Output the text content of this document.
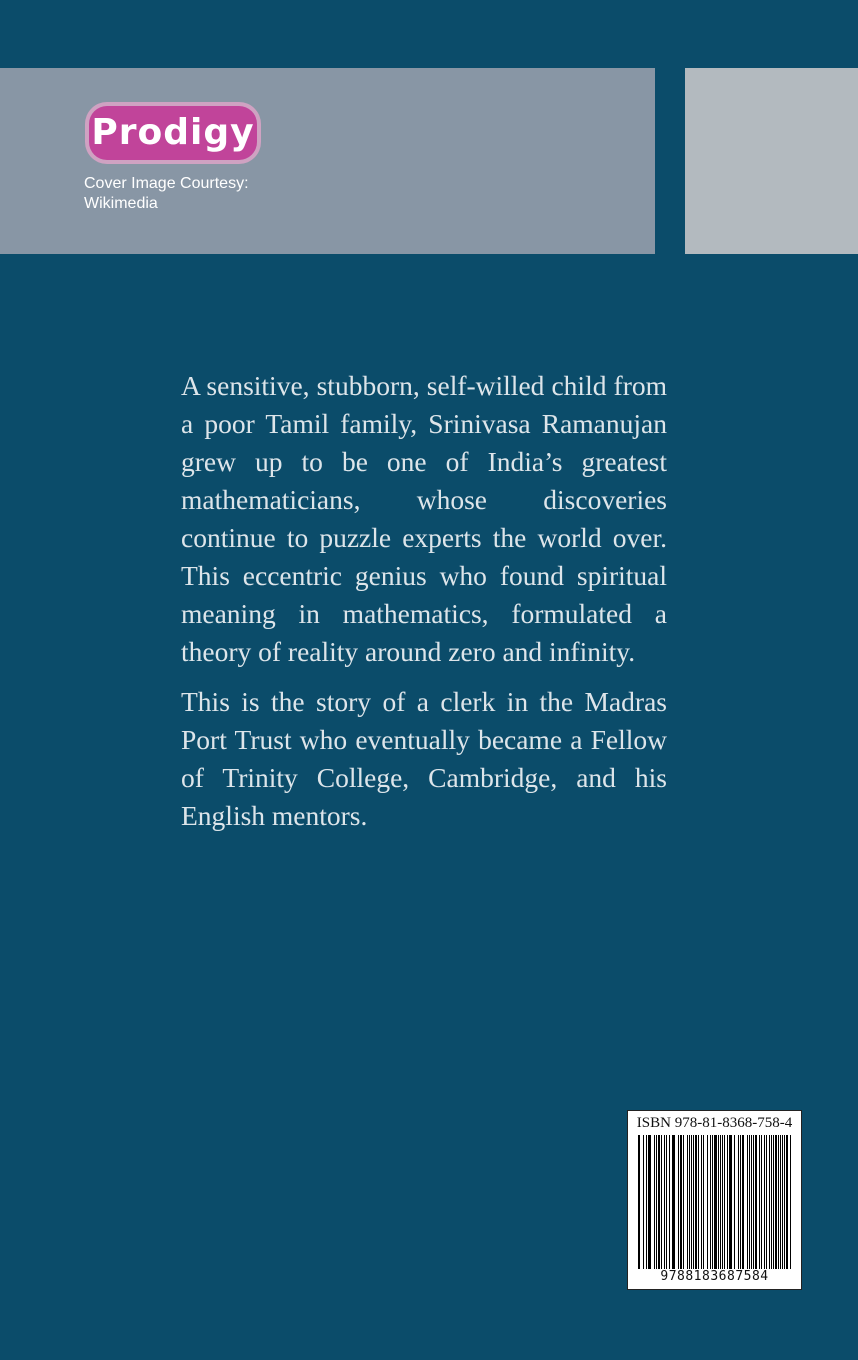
Prodigy
Cover Image Courtesy:
Wikimedia

A sensitive, stubborn, self-willed child from a poor Tamil family, Srinivasa Ramanujan grew up to be one of India’s greatest mathematicians, whose discoveries continue to puzzle experts the world over. This eccentric genius who found spiritual meaning in mathematics, formulated a theory of reality around zero and infinity.

This is the story of a clerk in the Madras Port Trust who eventually became a Fellow of Trinity College, Cambridge, and his English mentors.

ISBN 978-81-8368-758-4
9788183687584
